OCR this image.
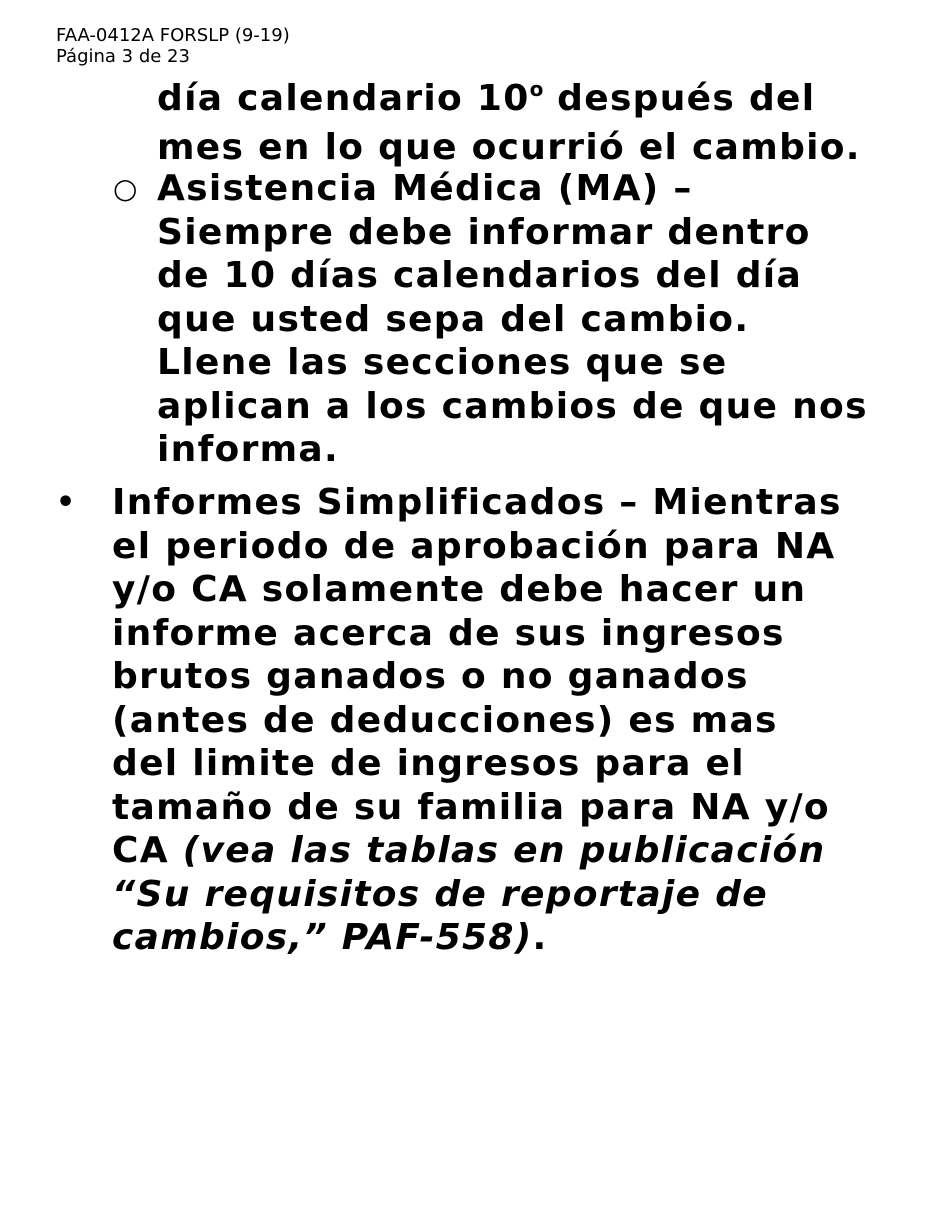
FAA-0412A FORSLP (9-19)
Página 3 de 23
día calendario 10$^o$ después del
mes en lo que ocurrió el cambio.
○ Asistencia Médica (MA) –
Siempre debe informar dentro
de 10 días calendarios del día
que usted sepa del cambio.
Llene las secciones que se
aplican a los cambios de que nos
informa.
• Informes Simplificados – Mientras
el periodo de aprobación para NA
y/o CA solamente debe hacer un
informe acerca de sus ingresos
brutos ganados o no ganados
(antes de deducciones) es mas
del limite de ingresos para el
tamaño de su familia para NA y/o
CA (vea las tablas en publicación
“Su requisitos de reportaje de
cambios,” PAF-558).
